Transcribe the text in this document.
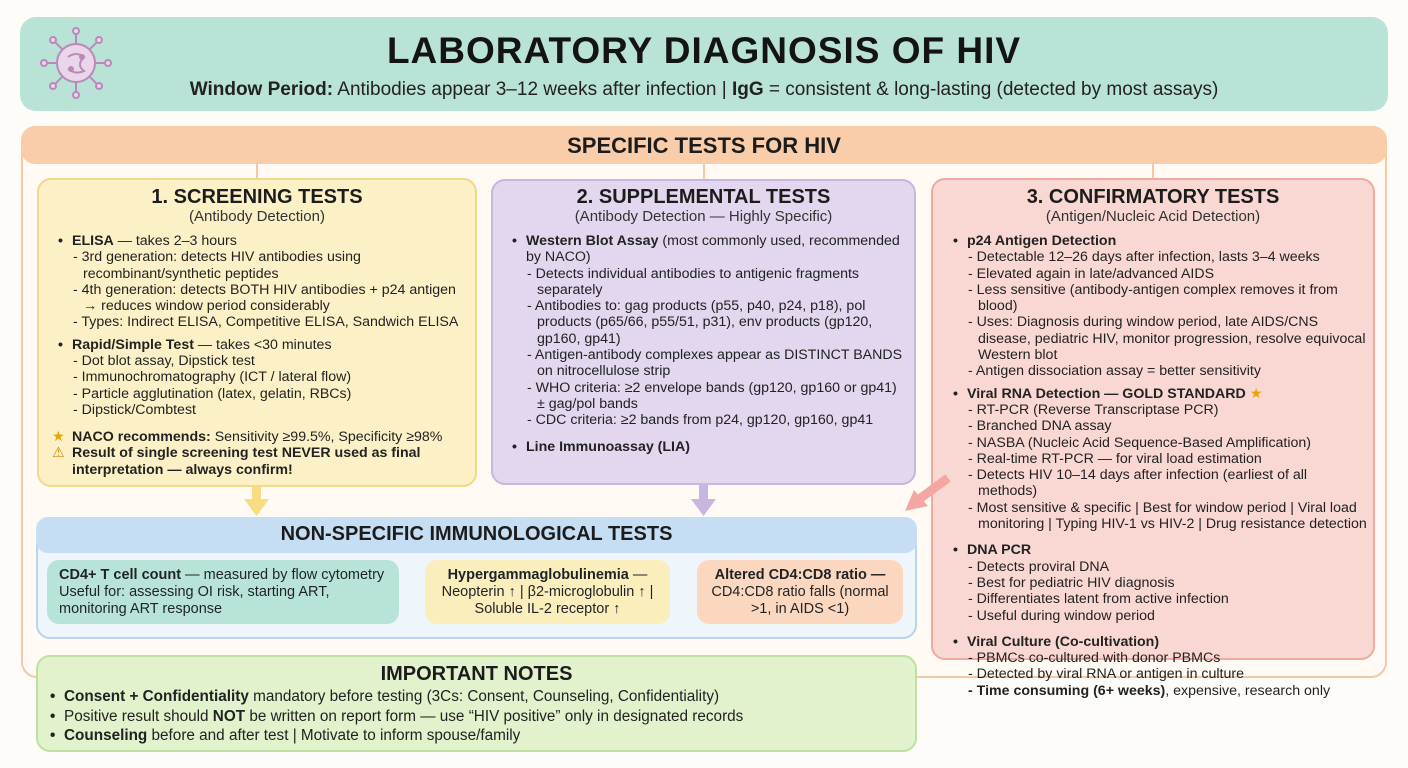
LABORATORY DIAGNOSIS OF HIV
Window Period: Antibodies appear 3–12 weeks after infection | IgG = consistent & long-lasting (detected by most assays)
SPECIFIC TESTS FOR HIV
1. SCREENING TESTS
(Antibody Detection)
• ELISA — takes 2–3 hours
- 3rd generation: detects HIV antibodies using recombinant/synthetic peptides
- 4th generation: detects BOTH HIV antibodies + p24 antigen → reduces window period considerably
- Types: Indirect ELISA, Competitive ELISA, Sandwich ELISA
• Rapid/Simple Test — takes <30 minutes
- Dot blot assay, Dipstick test
- Immunochromatography (ICT / lateral flow)
- Particle agglutination (latex, gelatin, RBCs)
- Dipstick/Combtest
★ NACO recommends: Sensitivity ≥99.5%, Specificity ≥98%
⚠ Result of single screening test NEVER used as final interpretation — always confirm!
2. SUPPLEMENTAL TESTS
(Antibody Detection — Highly Specific)
• Western Blot Assay (most commonly used, recommended by NACO)
- Detects individual antibodies to antigenic fragments separately
- Antibodies to: gag products (p55, p40, p24, p18), pol products (p65/66, p55/51, p31), env products (gp120, gp160, gp41)
- Antigen-antibody complexes appear as DISTINCT BANDS on nitrocellulose strip
- WHO criteria: ≥2 envelope bands (gp120, gp160 or gp41) ± gag/pol bands
- CDC criteria: ≥2 bands from p24, gp120, gp160, gp41
• Line Immunoassay (LIA)
3. CONFIRMATORY TESTS
(Antigen/Nucleic Acid Detection)
• p24 Antigen Detection
- Detectable 12–26 days after infection, lasts 3–4 weeks
- Elevated again in late/advanced AIDS
- Less sensitive (antibody-antigen complex removes it from blood)
- Uses: Diagnosis during window period, late AIDS/CNS disease, pediatric HIV, monitor progression, resolve equivocal Western blot
- Antigen dissociation assay = better sensitivity
• Viral RNA Detection — GOLD STANDARD ★
- RT-PCR (Reverse Transcriptase PCR)
- Branched DNA assay
- NASBA (Nucleic Acid Sequence-Based Amplification)
- Real-time RT-PCR — for viral load estimation
- Detects HIV 10–14 days after infection (earliest of all methods)
- Most sensitive & specific | Best for window period | Viral load monitoring | Typing HIV-1 vs HIV-2 | Drug resistance detection
• DNA PCR
- Detects proviral DNA
- Best for pediatric HIV diagnosis
- Differentiates latent from active infection
- Useful during window period
• Viral Culture (Co-cultivation)
- PBMCs co-cultured with donor PBMCs
- Detected by viral RNA or antigen in culture
- Time consuming (6+ weeks), expensive, research only
NON-SPECIFIC IMMUNOLOGICAL TESTS
CD4+ T cell count — measured by flow cytometry
Useful for: assessing OI risk, starting ART, monitoring ART response
Hypergammaglobulinemia —
Neopterin ↑ | β2-microglobulin ↑ | Soluble IL-2 receptor ↑
Altered CD4:CD8 ratio —
CD4:CD8 ratio falls (normal >1, in AIDS <1)
IMPORTANT NOTES
• Consent + Confidentiality mandatory before testing (3Cs: Consent, Counseling, Confidentiality)
• Positive result should NOT be written on report form — use “HIV positive” only in designated records
• Counseling before and after test | Motivate to inform spouse/family
